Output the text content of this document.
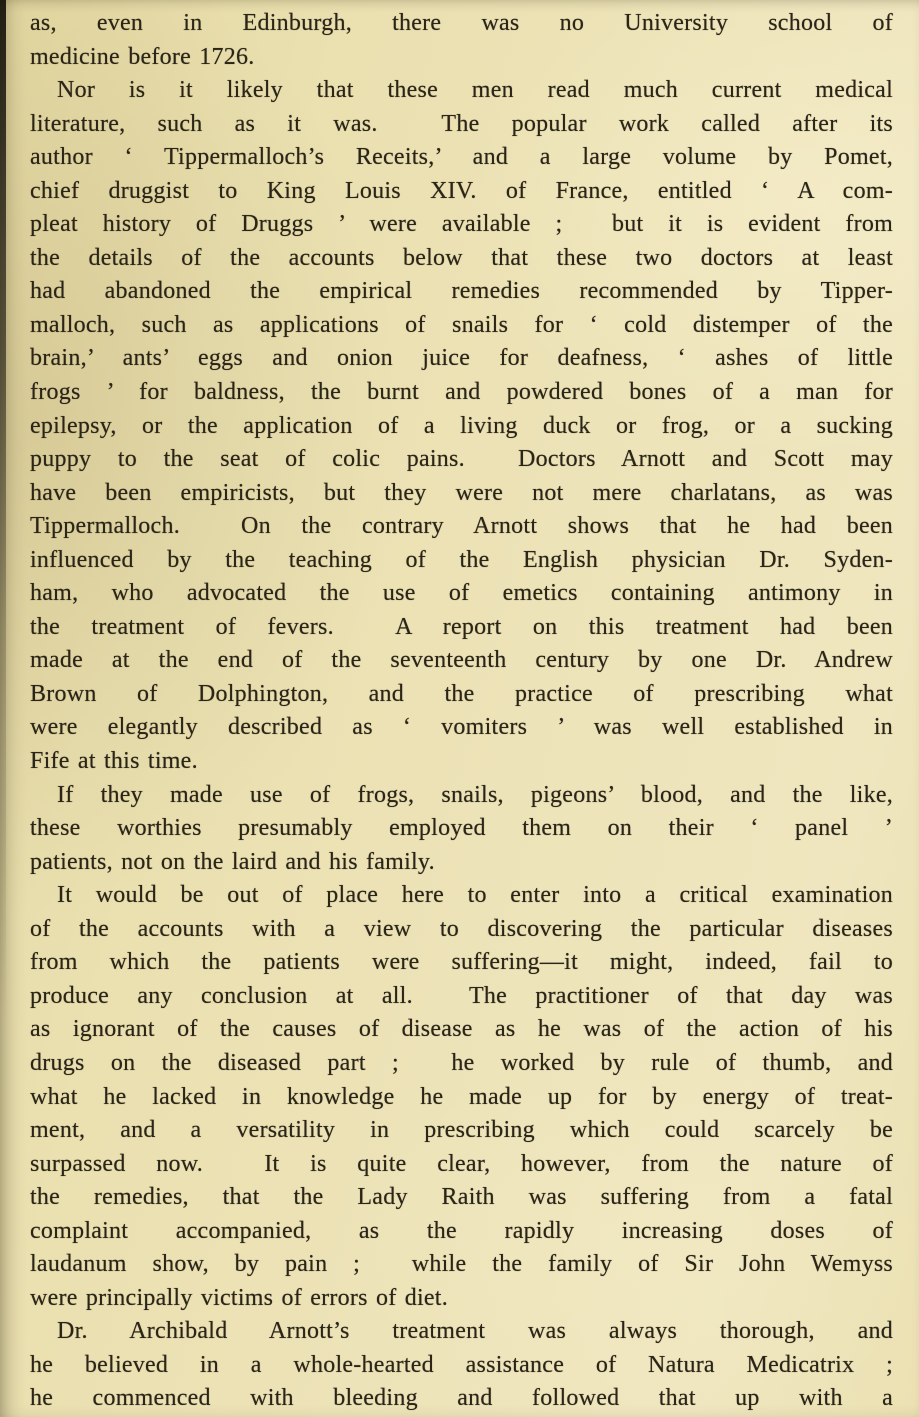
as, even in Edinburgh, there was no University school of
medicine before 1726.
Nor is it likely that these men read much current medical
literature, such as it was.  The popular work called after its
author ‘ Tippermalloch’s Receits,’ and a large volume by Pomet,
chief druggist to King Louis XIV. of France, entitled ‘ A com-
pleat history of Druggs ’ were available ;  but it is evident from
the details of the accounts below that these two doctors at least
had abandoned the empirical remedies recommended by Tipper-
malloch, such as applications of snails for ‘ cold distemper of the
brain,’ ants’ eggs and onion juice for deafness, ‘ ashes of little
frogs ’ for baldness, the burnt and powdered bones of a man for
epilepsy, or the application of a living duck or frog, or a sucking
puppy to the seat of colic pains.  Doctors Arnott and Scott may
have been empiricists, but they were not mere charlatans, as was
Tippermalloch.  On the contrary Arnott shows that he had been
influenced by the teaching of the English physician Dr. Syden-
ham, who advocated the use of emetics containing antimony in
the treatment of fevers.  A report on this treatment had been
made at the end of the seventeenth century by one Dr. Andrew
Brown of Dolphington, and the practice of prescribing what
were elegantly described as ‘ vomiters ’ was well established in
Fife at this time.
If they made use of frogs, snails, pigeons’ blood, and the like,
these worthies presumably employed them on their ‘ panel ’
patients, not on the laird and his family.
It would be out of place here to enter into a critical examination
of the accounts with a view to discovering the particular diseases
from which the patients were suffering—it might, indeed, fail to
produce any conclusion at all.  The practitioner of that day was
as ignorant of the causes of disease as he was of the action of his
drugs on the diseased part ;  he worked by rule of thumb, and
what he lacked in knowledge he made up for by energy of treat-
ment, and a versatility in prescribing which could scarcely be
surpassed now.  It is quite clear, however, from the nature of
the remedies, that the Lady Raith was suffering from a fatal
complaint accompanied, as the rapidly increasing doses of
laudanum show, by pain ;  while the family of Sir John Wemyss
were principally victims of errors of diet.
Dr. Archibald Arnott’s treatment was always thorough, and
he believed in a whole-hearted assistance of Natura Medicatrix ;
he commenced with bleeding and followed that up with a
